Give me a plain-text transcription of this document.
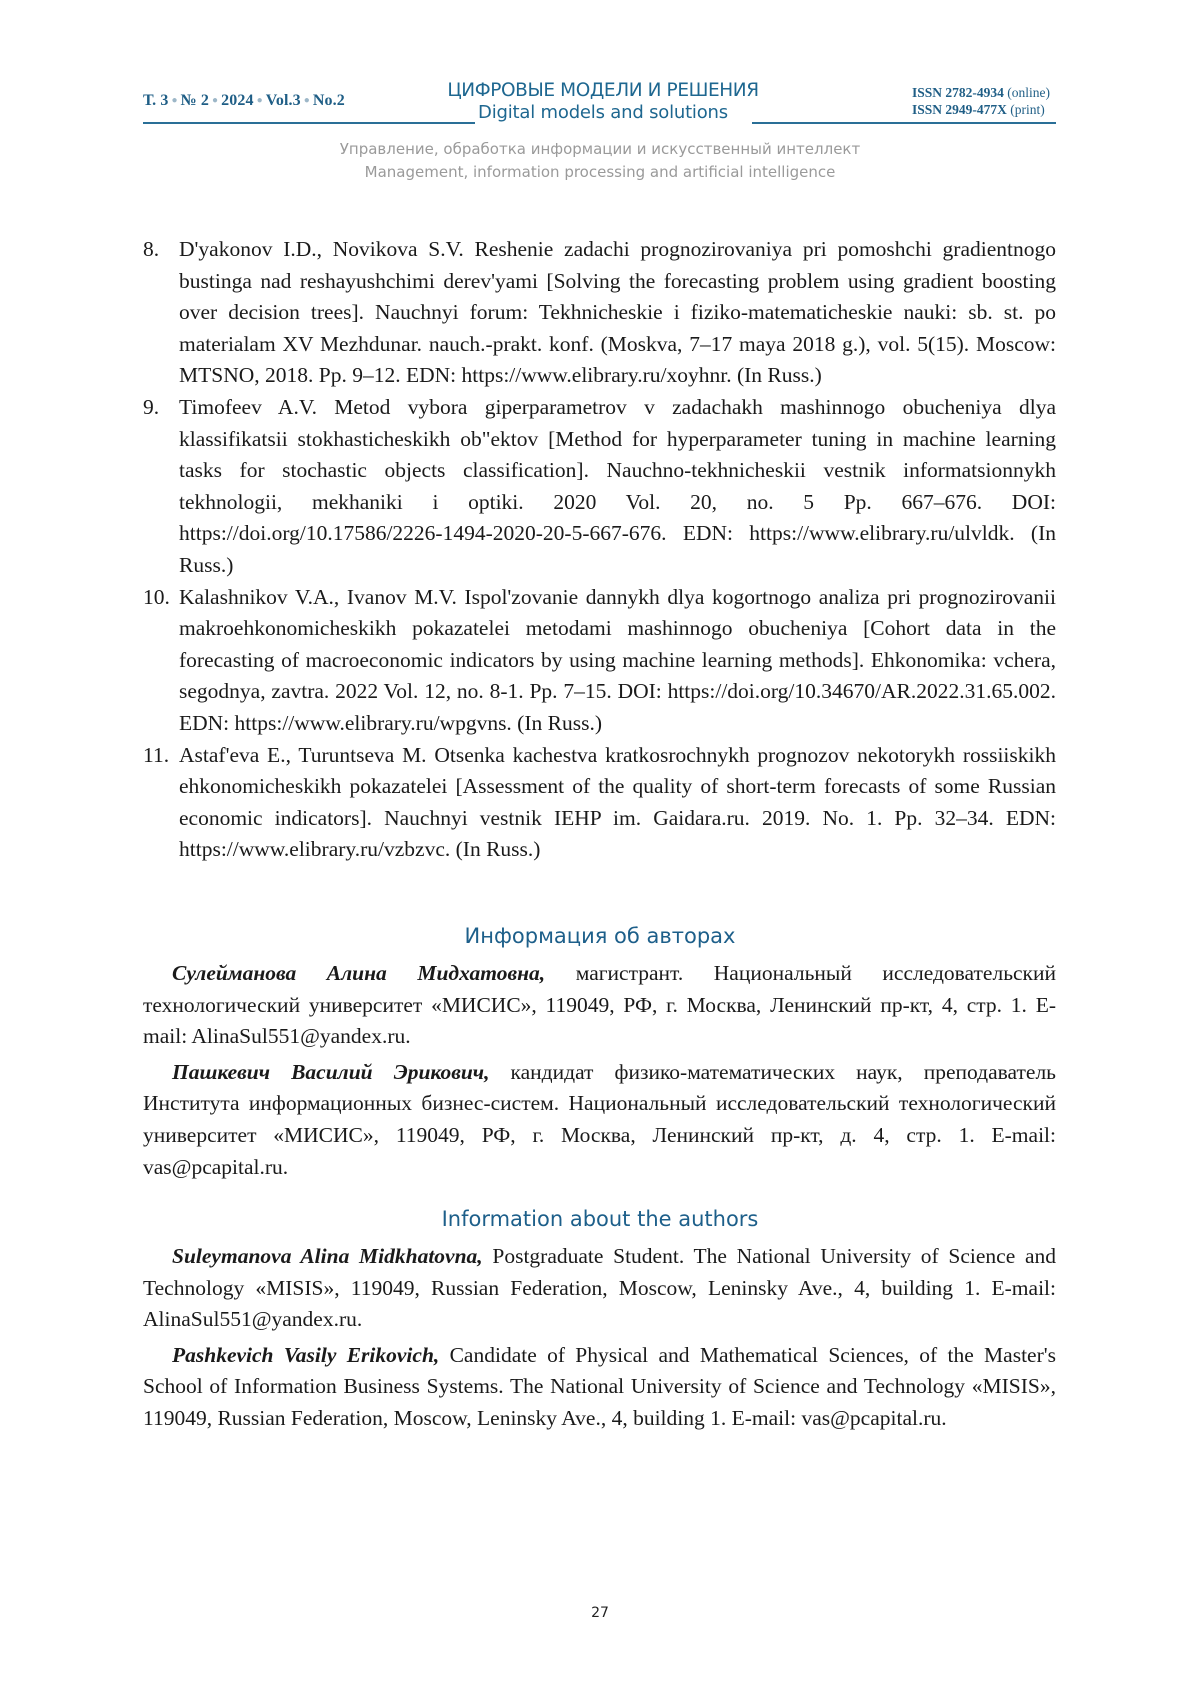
Т. 3 ● № 2 ● 2024 ● Vol.3 ● No.2	ЦИФРОВЫЕ МОДЕЛИ И РЕШЕНИЯ
Digital models and solutions
ISSN 2782-4934 (online)
ISSN 2949-477X (print)
Управление, обработка информации и искусственный интеллект
Management, information processing and artificial intelligence
8. D'yakonov I.D., Novikova S.V. Reshenie zadachi prognozirovaniya pri pomoshchi gradientnogo bustinga nad reshayushchimi derev'yami [Solving the forecasting problem using gradient boosting over decision trees]. Nauchnyi forum: Tekhnicheskie i fiziko-matematicheskie nauki: sb. st. po materialam XV Mezhdunar. nauch.-prakt. konf. (Moskva, 7–17 maya 2018 g.), vol. 5(15). Moscow: MTSNO, 2018. Pp. 9–12. EDN: https://www.elibrary.ru/xoyhnr. (In Russ.)
9. Timofeev A.V. Metod vybora giperparametrov v zadachakh mashinnogo obucheniya dlya klassifikatsii stokhasticheskikh ob"ektov [Method for hyperparameter tuning in machine learning tasks for stochastic objects classification]. Nauchno-tekhnicheskii vestnik informatsionnykh tekhnologii, mekhaniki i optiki. 2020 Vol. 20, no. 5 Pp. 667–676. DOI: https://doi.org/10.17586/2226-1494-2020-20-5-667-676. EDN: https://www.elibrary.ru/ulvldk. (In Russ.)
10. Kalashnikov V.A., Ivanov M.V. Ispol'zovanie dannykh dlya kogortnogo analiza pri prognozirovanii makroehkonomicheskikh pokazatelei metodami mashinnogo obucheniya [Cohort data in the forecasting of macroeconomic indicators by using machine learning methods]. Ehkonomika: vchera, segodnya, zavtra. 2022 Vol. 12, no. 8-1. Pp. 7–15. DOI: https://doi.org/10.34670/AR.2022.31.65.002. EDN: https://www.elibrary.ru/wpgvns. (In Russ.)
11. Astaf'eva E., Turuntseva M. Otsenka kachestva kratkosrochnykh prognozov nekotorykh rossiiskikh ehkonomicheskikh pokazatelei [Assessment of the quality of short-term forecasts of some Russian economic indicators]. Nauchnyi vestnik IEHP im. Gaidara.ru. 2019. No. 1. Pp. 32–34. EDN: https://www.elibrary.ru/vzbzvc. (In Russ.)
Информация об авторах
Сулейманова Алина Мидхатовна, магистрант. Национальный исследовательский технологический университет «МИСИС», 119049, РФ, г. Москва, Ленинский пр-кт, 4, стр. 1. E-mail: AlinaSul551@yandex.ru.
Пашкевич Василий Эрикович, кандидат физико-математических наук, преподаватель Института информационных бизнес-систем. Национальный исследовательский технологический университет «МИСИС», 119049, РФ, г. Москва, Ленинский пр-кт, д. 4, стр. 1. E-mail: vas@pcapital.ru.
Information about the authors
Suleymanova Alina Midkhatovna, Postgraduate Student. The National University of Science and Technology «MISIS», 119049, Russian Federation, Moscow, Leninsky Ave., 4, building 1. E-mail: AlinaSul551@yandex.ru.
Pashkevich Vasily Erikovich, Candidate of Physical and Mathematical Sciences, of the Master's School of Information Business Systems. The National University of Science and Technology «MISIS», 119049, Russian Federation, Moscow, Leninsky Ave., 4, building 1. E-mail: vas@pcapital.ru.
27
